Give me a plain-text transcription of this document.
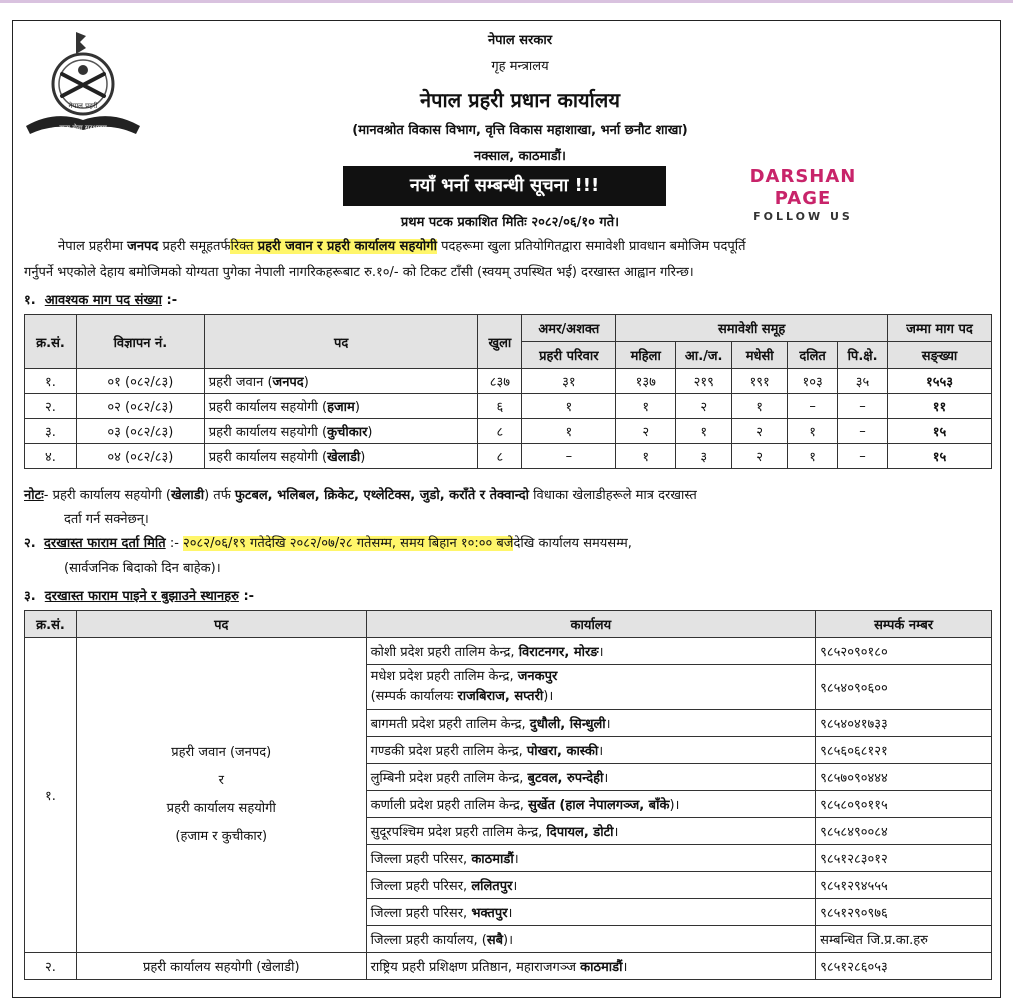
नेपाल प्रहरी
सत्य सेवा सुरक्षणम्
नेपाल सरकार
गृह मन्त्रालय
नेपाल प्रहरी प्रधान कार्यालय
(मानवश्रोत विकास विभाग, वृत्ति विकास महाशाखा, भर्ना छनौट शाखा)
नक्साल, काठमाडौं।
नयाँ भर्ना सम्बन्धी सूचना !!!	DARSHAN PAGE
FOLLOW US
प्रथम पटक प्रकाशित मितिः २०८२/०६/१० गते।
नेपाल प्रहरीमा जनपद प्रहरी समूहतर्फरिक्त प्रहरी जवान र प्रहरी कार्यालय सहयोगी पदहरूमा खुला प्रतियोगितद्वारा समावेशी प्रावधान बमोजिम पदपूर्ति
गर्नुपर्ने भएकोले देहाय बमोजिमको योग्यता पुगेका नेपाली नागरिकहरूबाट रु.१०/- को टिकट टाँसी (स्वयम् उपस्थित भई) दरखास्त आह्वान गरिन्छ।
१. आवश्यक माग पद संख्या :-
क्र.सं.	विज्ञापन नं.	पद	खुला	अमर/अशक्त	समावेशी समूह					जम्मा माग पद
				प्रहरी परिवार	महिला	आ./ज.	मधेसी	दलित	पि.क्षे.	सङ्ख्या
१.	०१ (०८२/८३)	प्रहरी जवान (जनपद)	८३७	३१	१३७	२१९	१९१	१०३	३५	१५५३
२.	०२ (०८२/८३)	प्रहरी कार्यालय सहयोगी (हजाम)	६	१	१	२	१	–	–	११
३.	०३ (०८२/८३)	प्रहरी कार्यालय सहयोगी (कुचीकार)	८	१	२	१	२	१	–	१५
४.	०४ (०८२/८३)	प्रहरी कार्यालय सहयोगी (खेलाडी)	८	–	१	३	२	१	–	१५
नोटः- प्रहरी कार्यालय सहयोगी (खेलाडी) तर्फ फुटबल, भलिबल, क्रिकेट, एथ्लेटिक्स, जुडो, कराँते र तेक्वान्दो विधाका खेलाडीहरूले मात्र दरखास्त
दर्ता गर्न सक्नेछन्।
२. दरखास्त फाराम दर्ता मिति :- २०८२/०६/१९ गतेदेखि २०८२/०७/२८ गतेसम्म, समय बिहान १०:०० बजेदेखि कार्यालय समयसम्म,
(सार्वजनिक बिदाको दिन बाहेक)।
३. दरखास्त फाराम पाइने र बुझाउने स्थानहरु :-
क्र.सं.	पद	कार्यालय	सम्पर्क नम्बर
१.	प्रहरी जवान (जनपद)
र
प्रहरी कार्यालय सहयोगी
(हजाम र कुचीकार)	कोशी प्रदेश प्रहरी तालिम केन्द्र, विराटनगर, मोरङ।	९८५२०९०१८०

		मधेश प्रदेश प्रहरी तालिम केन्द्र, जनकपुर
(सम्पर्क कार्यालयः राजबिराज, सप्तरी)।	९८५४०९०६००
		बागमती प्रदेश प्रहरी तालिम केन्द्र, दुधौली, सिन्धुली।	९८५४०४१७३३
		गण्डकी प्रदेश प्रहरी तालिम केन्द्र, पोखरा, कास्की।	९८५६०६८१२१
		लुम्बिनी प्रदेश प्रहरी तालिम केन्द्र, बुटवल, रुपन्देही।	९८५७०९०४४४
		कर्णाली प्रदेश प्रहरी तालिम केन्द्र, सुर्खेत (हाल नेपालगञ्ज, बाँके)।	९८५८०९०११५
		सुदूरपश्चिम प्रदेश प्रहरी तालिम केन्द्र, दिपायल, डोटी।	९८५८४९००८४
		जिल्ला प्रहरी परिसर, काठमाडौं।	९८५१२८३०१२
		जिल्ला प्रहरी परिसर, ललितपुर।	९८५१२९४५५५
		जिल्ला प्रहरी परिसर, भक्तपुर।	९८५१२९०९७६
		जिल्ला प्रहरी कार्यालय, (सबै)।	सम्बन्धित जि.प्र.का.हरु
२.	प्रहरी कार्यालय सहयोगी (खेलाडी)	राष्ट्रिय प्रहरी प्रशिक्षण प्रतिष्ठान, महाराजगञ्ज काठमाडौं।	९८५१२८६०५३
